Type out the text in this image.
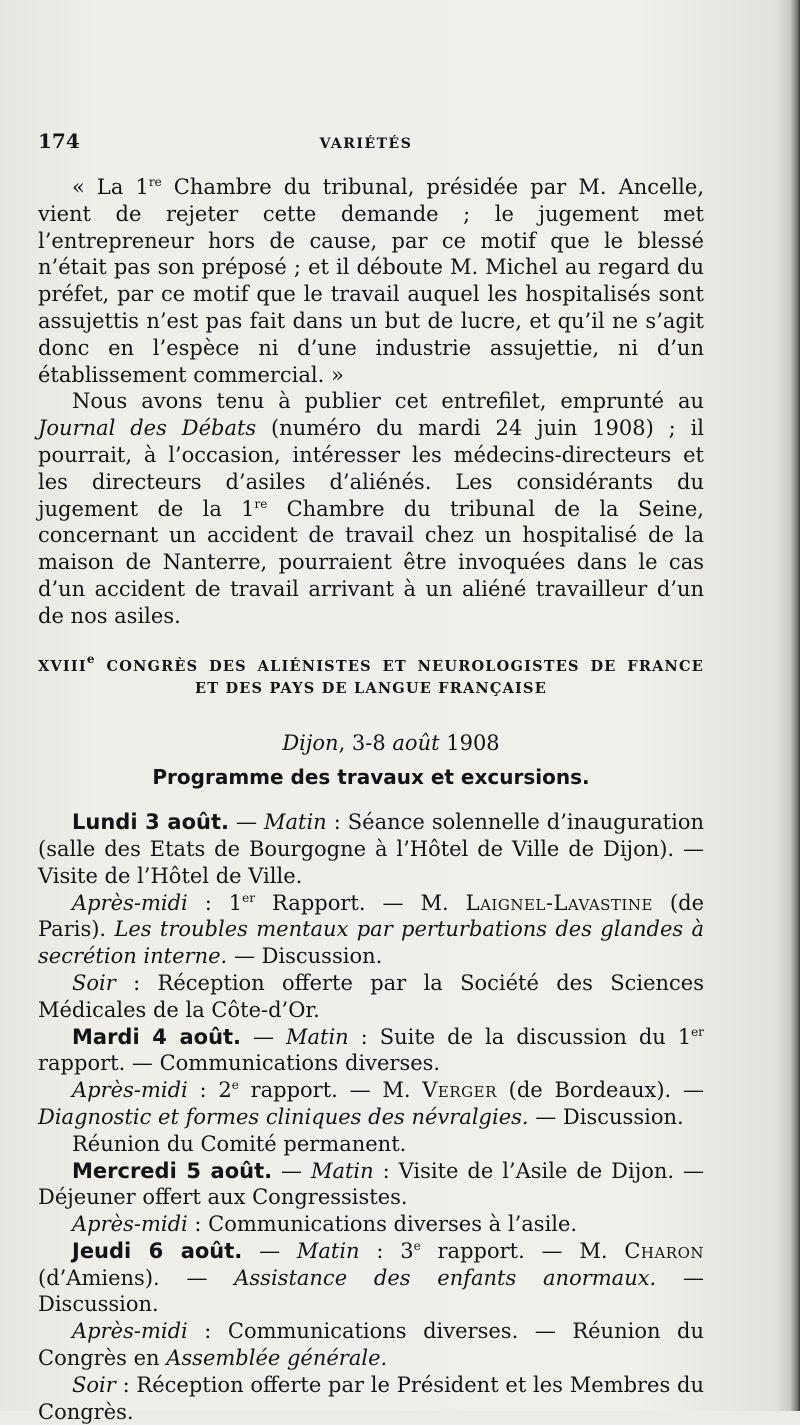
174	VARIÉTÉS

« La 1re Chambre du tribunal, présidée par M. Ancelle, vient de rejeter cette demande ; le jugement met l’entrepreneur hors de cause, par ce motif que le blessé n’était pas son préposé ; et il déboute M. Michel au regard du préfet, par ce motif que le travail auquel les hospitalisés sont assujettis n’est pas fait dans un but de lucre, et qu’il ne s’agit donc en l’espèce ni d’une industrie assujettie, ni d’un établissement commercial. »

Nous avons tenu à publier cet entrefilet, emprunté au Journal des Débats (numéro du mardi 24 juin 1908) ; il pourrait, à l’occasion, intéresser les médecins-directeurs et les directeurs d’asiles d’aliénés. Les considérants du jugement de la 1re Chambre du tribunal de la Seine, concernant un accident de travail chez un hospitalisé de la maison de Nanterre, pourraient être invoquées dans le cas d’un accident de travail arrivant à un aliéné travailleur d’un de nos asiles.

XVIIIe CONGRÈS DES ALIÉNISTES ET NEUROLOGISTES DE FRANCE
ET DES PAYS DE LANGUE FRANÇAISE
Dijon, 3-8 août 1908
Programme des travaux et excursions.

Lundi 3 août. — Matin : Séance solennelle d’inauguration (salle des Etats de Bourgogne à l’Hôtel de Ville de Dijon). — Visite de l’Hôtel de Ville.

Après-midi : 1er Rapport. — M. Laignel-Lavastine (de Paris). Les troubles mentaux par perturbations des glandes à secrétion interne. — Discussion.

Soir : Réception offerte par la Société des Sciences Médicales de la Côte-d’Or.

Mardi 4 août. — Matin : Suite de la discussion du 1er rapport. — Communications diverses.

Après-midi : 2e rapport. — M. Verger (de Bordeaux). — Diagnostic et formes cliniques des névralgies. — Discussion.

Réunion du Comité permanent.

Mercredi 5 août. — Matin : Visite de l’Asile de Dijon. — Déjeuner offert aux Congressistes.

Après-midi : Communications diverses à l’asile.

Jeudi 6 août. — Matin : 3e rapport. — M. Charon (d’Amiens). — Assistance des enfants anormaux. — Discussion.

Après-midi : Communications diverses. — Réunion du Congrès en Assemblée générale.

Soir : Réception offerte par le Président et les Membres du Congrès.
